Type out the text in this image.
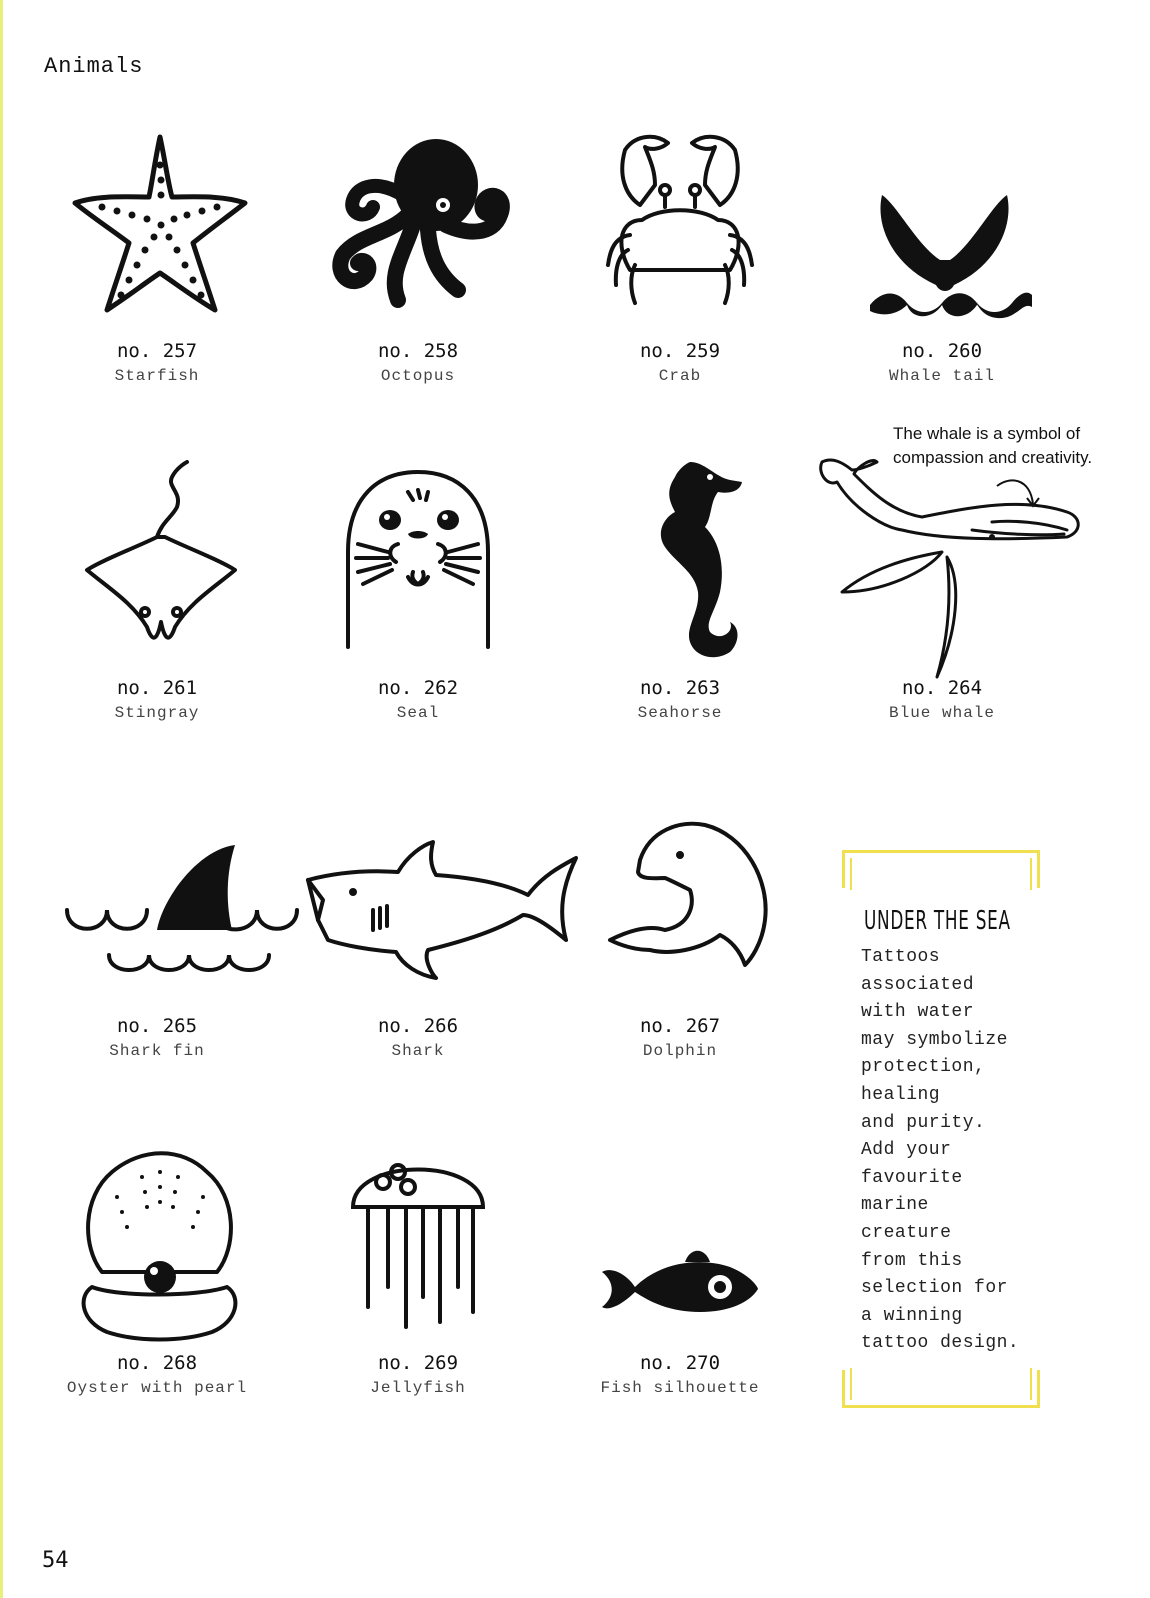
Animals
no. 257
Starfish
no. 258
Octopus
no. 259
Crab
no. 260
Whale tail
no. 261
Stingray
no. 262
Seal
no. 263
Seahorse
no. 264
Blue whale
The whale is a symbol of compassion and creativity.
no. 265
Shark fin
no. 266
Shark
no. 267
Dolphin
no. 268
Oyster with pearl
no. 269
Jellyfish
no. 270
Fish silhouette
UNDER THE SEA
Tattoos
associated
with water
may symbolize
protection,
healing
and purity.
Add your
favourite
marine
creature
from this
selection for
a winning
tattoo design.
54
